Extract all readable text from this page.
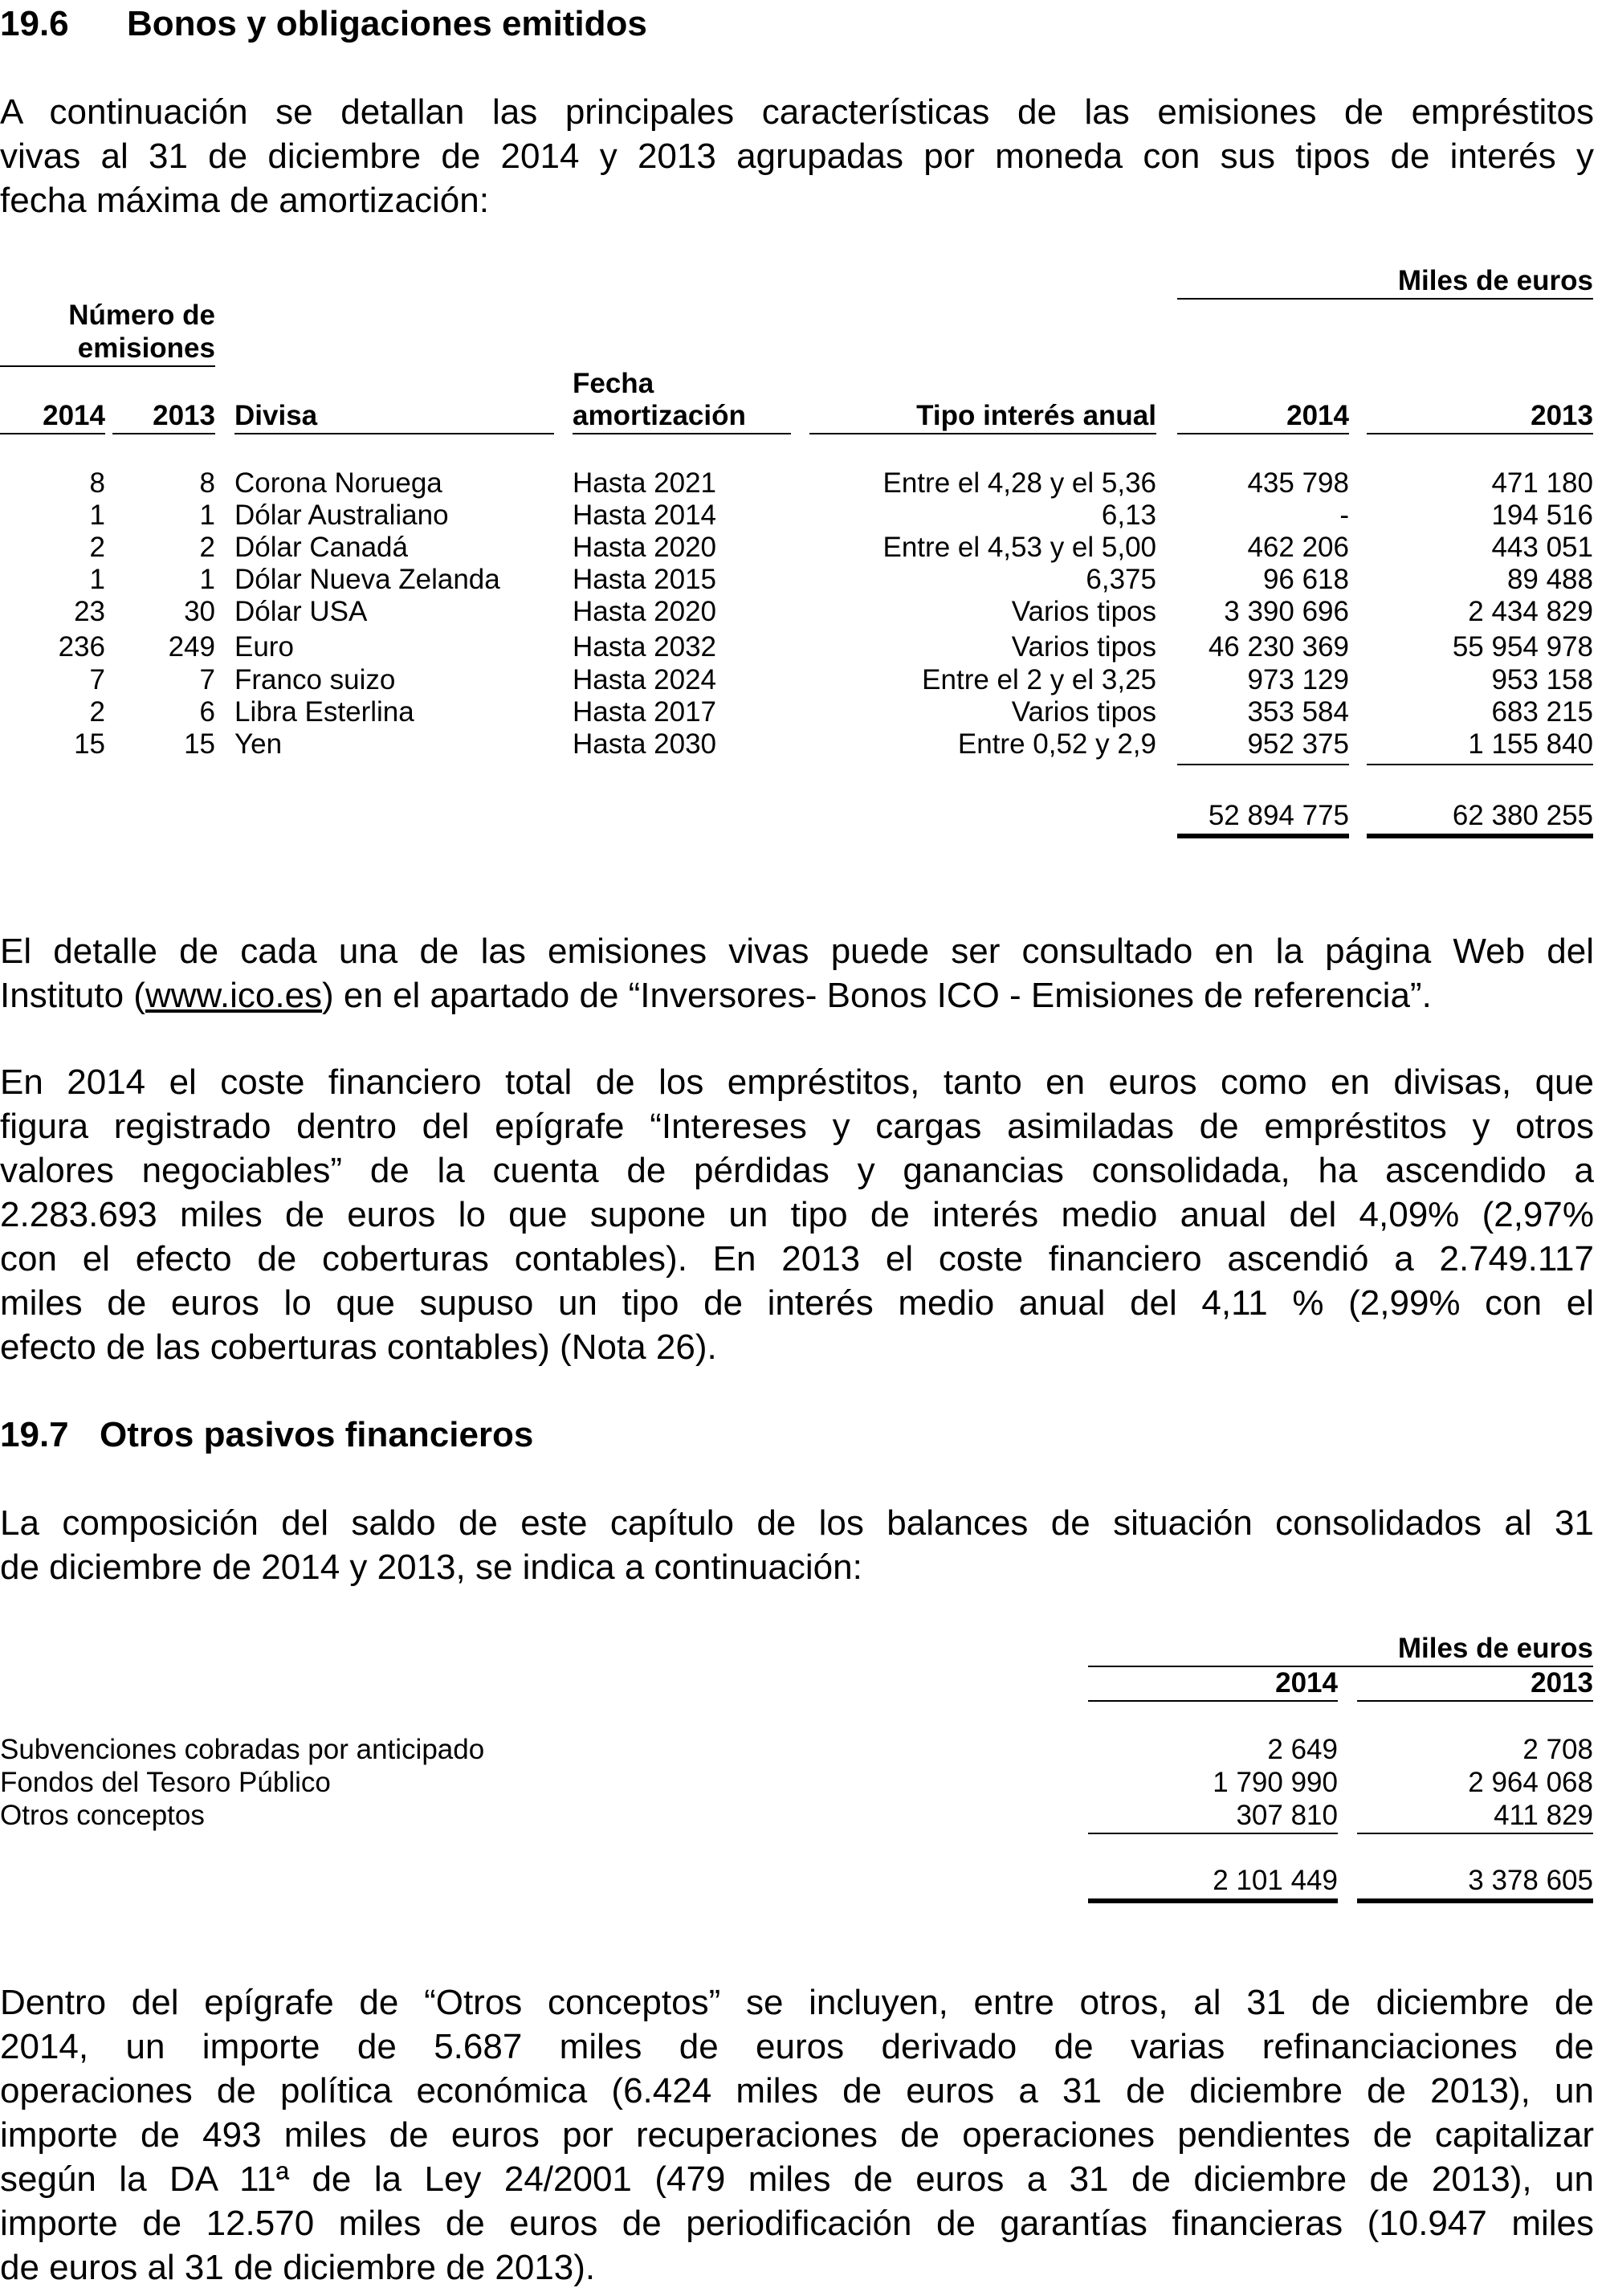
19.6 Bonos y obligaciones emitidos
A continuación se detallan las principales características de las emisiones de empréstitos
vivas al 31 de diciembre de 2014 y 2013 agrupadas por moneda con sus tipos de interés y
fecha máxima de amortización:
Miles de euros
Número de
emisiones
Fecha
2014	2013 Divisa	amortización	Tipo interés anual	2014	2013
8	8 Corona Noruega	Hasta 2021	Entre el 4,28 y el 5,36	435 798	471 180
1	1 Dólar Australiano	Hasta 2014	6,13	-	194 516
2	2 Dólar Canadá	Hasta 2020	Entre el 4,53 y el 5,00	462 206	443 051
1	1 Dólar Nueva Zelanda	Hasta 2015	6,375	96 618	89 488
23	30 Dólar USA	Hasta 2020	Varios tipos	3 390 696	2 434 829
236	249 Euro	Hasta 2032	Varios tipos	46 230 369	55 954 978
7	7 Franco suizo	Hasta 2024	Entre el 2 y el 3,25	973 129	953 158
2	6 Libra Esterlina	Hasta 2017	Varios tipos	353 584	683 215
15	15 Yen	Hasta 2030	Entre 0,52 y 2,9	952 375	1 155 840
52 894 775	62 380 255
El detalle de cada una de las emisiones vivas puede ser consultado en la página Web del
Instituto (www.ico.es) en el apartado de “Inversores- Bonos ICO - Emisiones de referencia”.
En 2014 el coste financiero total de los empréstitos, tanto en euros como en divisas, que
figura registrado dentro del epígrafe “Intereses y cargas asimiladas de empréstitos y otros
valores negociables” de la cuenta de pérdidas y ganancias consolidada, ha ascendido a
2.283.693 miles de euros lo que supone un tipo de interés medio anual del 4,09% (2,97%
con el efecto de coberturas contables). En 2013 el coste financiero ascendió a 2.749.117
miles de euros lo que supuso un tipo de interés medio anual del 4,11 % (2,99% con el
efecto de las coberturas contables) (Nota 26).
19.7 Otros pasivos financieros
La composición del saldo de este capítulo de los balances de situación consolidados al 31
de diciembre de 2014 y 2013, se indica a continuación:
Miles de euros
2014	2013
Subvenciones cobradas por anticipado	2 649	2 708
Fondos del Tesoro Público	1 790 990	2 964 068
Otros conceptos	307 810	411 829
2 101 449	3 378 605
Dentro del epígrafe de “Otros conceptos” se incluyen, entre otros, al 31 de diciembre de
2014, un importe de 5.687 miles de euros derivado de varias refinanciaciones de
operaciones de política económica (6.424 miles de euros a 31 de diciembre de 2013), un
importe de 493 miles de euros por recuperaciones de operaciones pendientes de capitalizar
según la DA 11ª de la Ley 24/2001 (479 miles de euros a 31 de diciembre de 2013), un
importe de 12.570 miles de euros de periodificación de garantías financieras (10.947 miles
de euros al 31 de diciembre de 2013).
